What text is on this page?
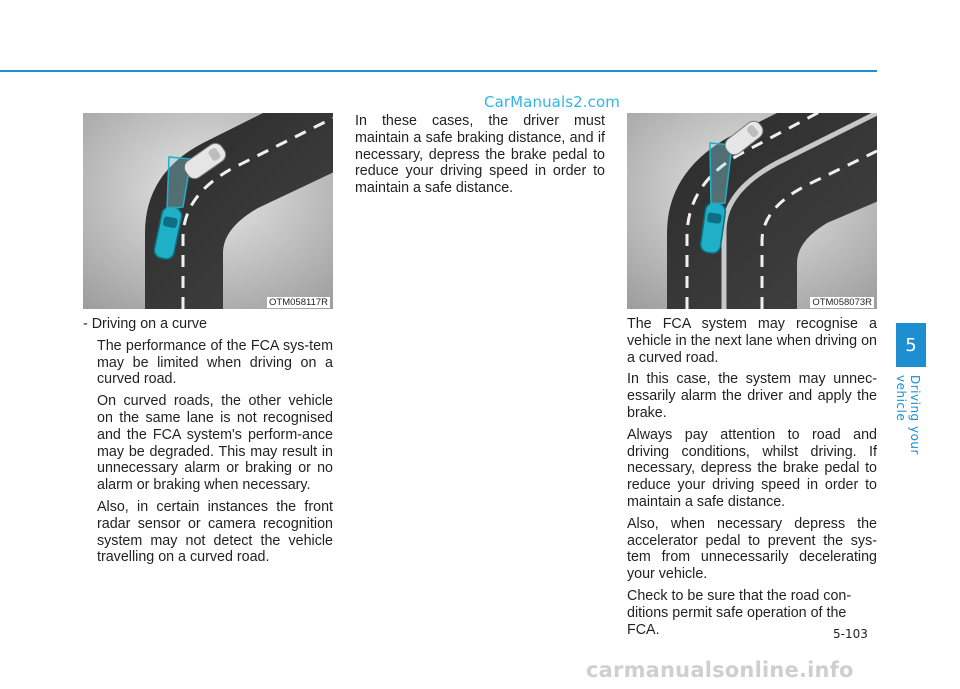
CarManuals2.com
OTM058117R	OTM058073R

- Driving on a curve

The performance of the FCA sys-tem may be limited when driving on a curved road.

On curved roads, the other vehicle on the same lane is not recognised and the FCA system's perform-ance may be degraded. This may result in unnecessary alarm or braking or no alarm or braking when necessary.

Also, in certain instances the front radar sensor or camera recognition system may not detect the vehicle travelling on a curved road.

In these cases, the driver must maintain a safe braking distance, and if necessary, depress the brake pedal to reduce your driving speed in order to maintain a safe distance.

The FCA system may recognise a vehicle in the next lane when driving on a curved road.

In this case, the system may unnec-essarily alarm the driver and apply the brake.

Always pay attention to road and driving conditions, whilst driving. If necessary, depress the brake pedal to reduce your driving speed in order to maintain a safe distance.

Also, when necessary depress the accelerator pedal to prevent the sys-tem from unnecessarily decelerating your vehicle.

Check to be sure that the road con-ditions permit safe operation of the FCA.

5
Driving your vehicle
5-103
carmanualsonline.info
